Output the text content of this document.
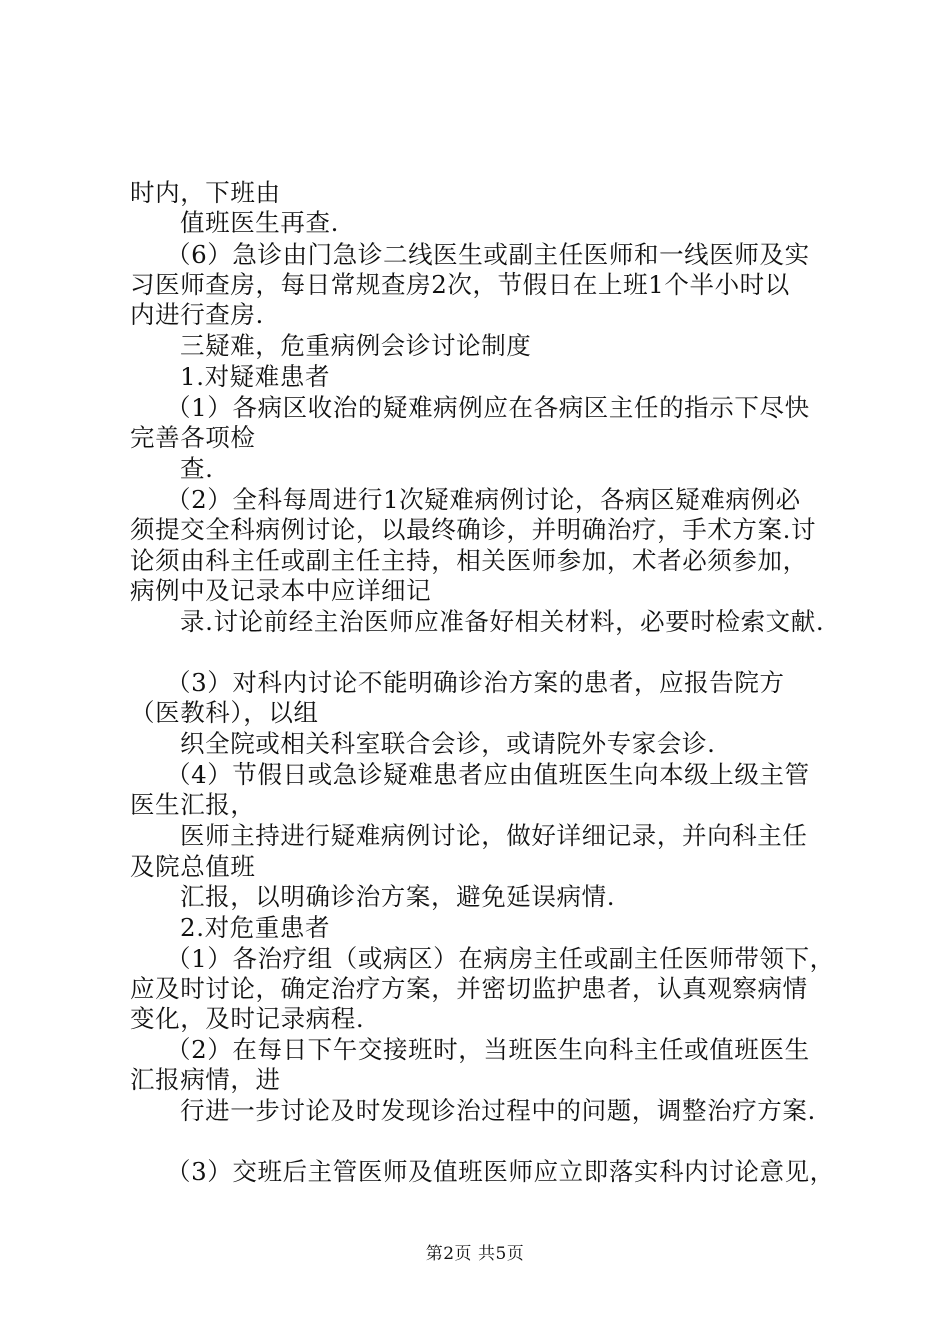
时内，下班由
值班医生再查.
（6）急诊由门急诊二线医生或副主任医师和一线医师及实
习医师查房，每日常规查房2次，节假日在上班1个半小时以
内进行查房.
三疑难，危重病例会诊讨论制度
1.对疑难患者
（1）各病区收治的疑难病例应在各病区主任的指示下尽快
完善各项检
查.
（2）全科每周进行1次疑难病例讨论，各病区疑难病例必
须提交全科病例讨论，以最终确诊，并明确治疗，手术方案.讨
论须由科主任或副主任主持，相关医师参加，术者必须参加，
病例中及记录本中应详细记
录.讨论前经主治医师应准备好相关材料，必要时检索文献.
（3）对科内讨论不能明确诊治方案的患者，应报告院方
（医教科），以组
织全院或相关科室联合会诊，或请院外专家会诊.
（4）节假日或急诊疑难患者应由值班医生向本级上级主管
医生汇报，
医师主持进行疑难病例讨论，做好详细记录，并向科主任
及院总值班
汇报，以明确诊治方案，避免延误病情.
2.对危重患者
（1）各治疗组（或病区）在病房主任或副主任医师带领下，
应及时讨论，确定治疗方案，并密切监护患者，认真观察病情
变化，及时记录病程.
（2）在每日下午交接班时，当班医生向科主任或值班医生
汇报病情，进
行进一步讨论及时发现诊治过程中的问题，调整治疗方案.
（3）交班后主管医师及值班医师应立即落实科内讨论意见，
第2页 共5页
